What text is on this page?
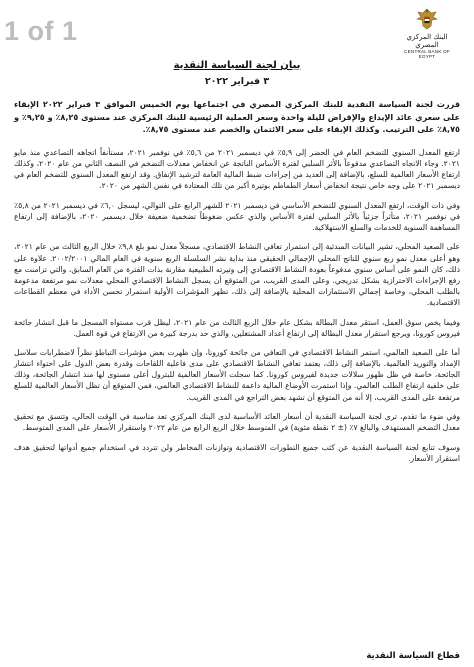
1 of 1	البنك المركزي المصري
CENTRAL BANK OF EGYPT
بيان لجنة السياسة النقدية
٣ فبراير ٢٠٢٢

قررت لجنة السياسة النقدية للبنك المركزي المصري في اجتماعها يوم الخميس الموافق ٣ فبراير ٢٠٢٢ الإبقاء على سعري عائد الإيداع والإقراض لليلة واحدة وسعر العملية الرئيسية للبنك المركزي عند مستوى ٨,٢٥٪ و ٩,٢٥٪ و ٨,٧٥٪ على الترتيب. وكذلك الإبقاء على سعر الائتمان والخصم عند مستوى ٨,٧٥٪.

ارتفع المعدل السنوي للتضخم العام في الحضر إلى ٥,٩٪ في ديسمبر ٢٠٢١ من ٥,٦٪ في نوفمبر ٢٠٢١، مستأنفاً اتجاهه التصاعدي منذ مايو ٢٠٢١. وجاء الاتجاه التصاعدي مدفوعاً بالأثر السلبي لفترة الأساس الناتجة عن انخفاض معدلات التضخم في النصف الثاني من عام ٢٠٢٠، وكذلك ارتفاع الأسعار العالمية للسلع، بالإضافة إلى العديد من إجراءات ضبط المالية العامة لترشيد الإنفاق. وقد ارتفع المعدل السنوي للتضخم العام في ديسمبر ٢٠٢١ على وجه خاص نتيجة انخفاض أسعار الطماطم بوتيرة أكبر من تلك المعتادة في نفس الشهر من ٢٠٢٠.

وفي ذات الوقت، ارتفع المعدل السنوي للتضخم الأساسي في ديسمبر ٢٠٢١ للشهر الرابع على التوالي، ليسجل ٦,٠٪ في ديسمبر ٢٠٢١ من ٥,٨٪ في نوفمبر ٢٠٢١، متأثراً جزئياً بالأثر السلبي لفترة الأساس والذي عكس ضغوطاً تضخمية ضعيفة خلال ديسمبر ٢٠٢٠، بالإضافة إلى ارتفاع المساهمة السنوية للخدمات والسلع الاستهلاكية.

على الصعيد المحلي، تشير البيانات المبدئية إلى استمرار تعافي النشاط الاقتصادي، مسجلاً معدل نمو بلغ ٩,٨٪ خلال الربع الثالث من عام ٢٠٢١، وهو أعلى معدل نمو ربع سنوي للناتج المحلي الإجمالي الحقيقي منذ بداية نشر السلسلة الربع سنوية في العام المالي ٢٠٠٢/٢٠٠١. علاوة على ذلك، كان النمو على أساس سنوي مدفوعاً بعودة النشاط الاقتصادي إلى وتيرته الطبيعية مقارنة بذات الفترة من العام السابق، والتي تزامنت مع رفع الإجراءات الاحترازية بشكل تدريجي. وعلى المدى القريب، من المتوقع أن يسجل النشاط الاقتصادي المحلي معدلات نمو مرتفعة مدعومة بالطلب المحلي، وخاصة إجمالي الاستثمارات المحلية بالإضافة إلى ذلك، تظهر المؤشرات الأولية استمرار تحسن الأداء في معظم القطاعات الاقتصادية.

وفيما يخص سوق العمل، استقر معدل البطالة بشكل عام خلال الربع الثالث من عام ٢٠٢١، ليظل قرب مستواه المسجل ما قبل انتشار جائحة فيروس كورونا، ويرجع استقرار معدل البطالة إلى ارتفاع أعداد المشتغلين، والذي حد بدرجة كبيرة من الارتفاع في قوة العمل.

أما على الصعيد العالمي، استمر النشاط الاقتصادي في التعافي من جائحة كورونا، وإن ظهرت بعض مؤشرات التباطؤ نظراً لاضطرابات سلاسل الإمداد والتوريد العالمية. بالإضافة إلى ذلك، يعتمد تعافي النشاط الاقتصادي على مدى فاعلية اللقاحات وقدرة بعض الدول على احتواء انتشار الجائحة، خاصة في ظل ظهور سلالات جديدة لفيروس كورونا. كما سجلت الأسعار العالمية للبترول أعلى مستوى لها منذ انتشار الجائحة، وذلك على خلفية ارتفاع الطلب العالمي. وإذا استمرت الأوضاع المالية داعمة للنشاط الاقتصادي العالمي، فمن المتوقع أن تظل الأسعار العالمية للسلع مرتفعة على المدى القريب، إلا أنه من المتوقع أن تشهد بعض التراجع في المدى القريب.

وفي ضوء ما تقدم، ترى لجنة السياسة النقدية أن أسعار العائد الأساسية لدى البنك المركزي تعد مناسبة في الوقت الحالي، وتتسق مع تحقيق معدل التضخم المستهدف والبالغ ٧٪ (± ٢ نقطة مئوية) في المتوسط خلال الربع الرابع من عام ٢٠٢٢ واستقرار الأسعار على المدى المتوسط.

وسوف تتابع لجنة السياسة النقدية عن كثب جميع التطورات الاقتصادية وتوازنات المخاطر ولن تتردد في استخدام جميع أدواتها لتحقيق هدف استقرار الأسعار.

قطاع السياسة النقدية
